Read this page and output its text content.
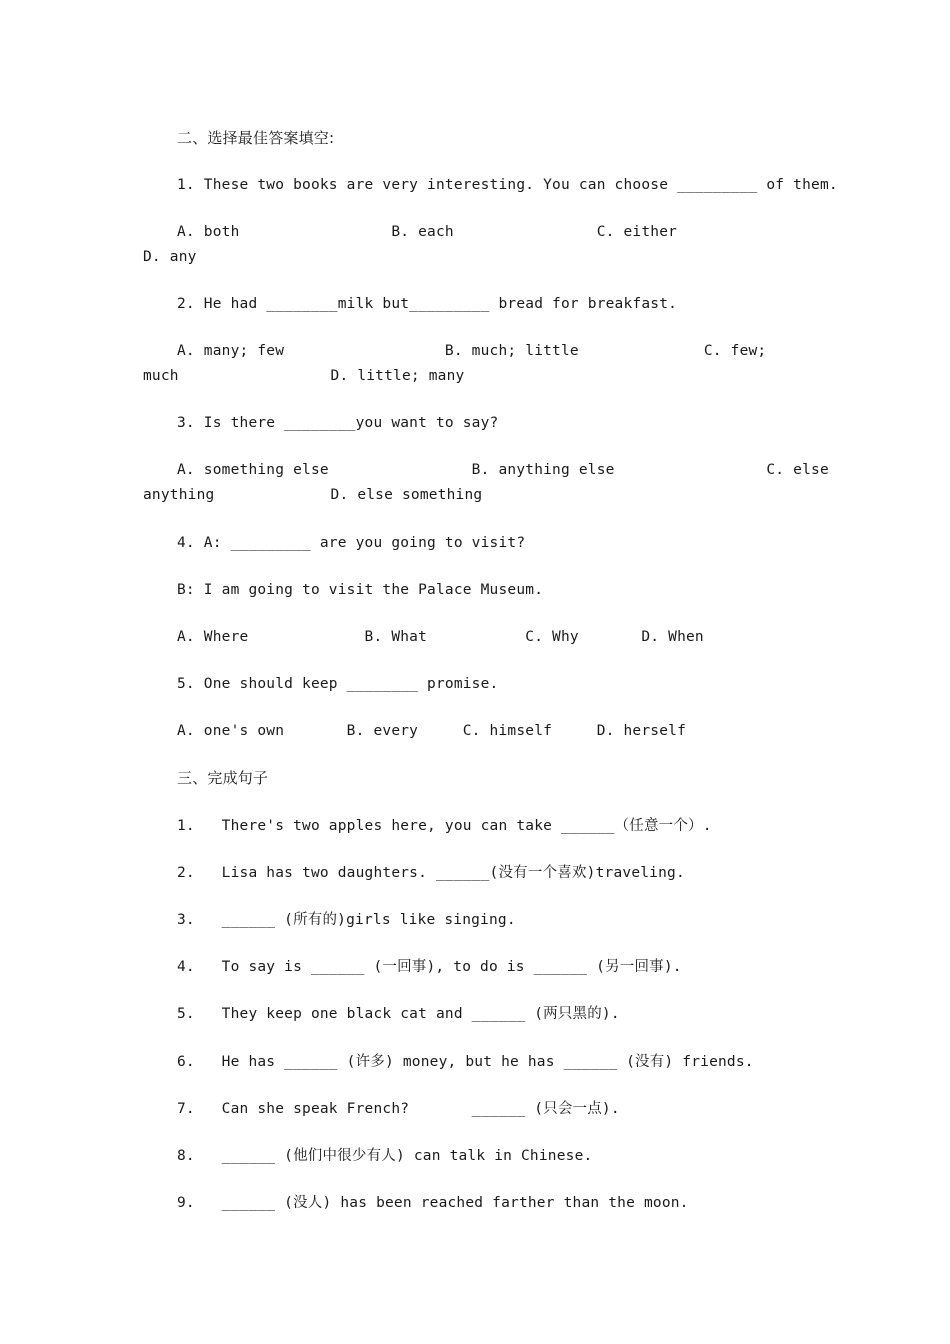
二、选择最佳答案填空:
1. These two books are very interesting. You can choose _________ of them.
A. both                 B. each                C. either
D. any
2. He had ________milk but_________ bread for breakfast.
A. many; few                  B. much; little              C. few;
much                 D. little; many
3. Is there ________you want to say?
A. something else                B. anything else                 C. else
anything             D. else something
4. A: _________ are you going to visit?
B: I am going to visit the Palace Museum.
A. Where             B. What           C. Why       D. When
5. One should keep ________ promise.
A. one's own       B. every     C. himself     D. herself
三、完成句子
1.   There's two apples here, you can take ______（任意一个）.
2.   Lisa has two daughters. ______(没有一个喜欢)traveling.
3.   ______ (所有的)girls like singing.
4.   To say is ______ (一回事), to do is ______ (另一回事).
5.   They keep one black cat and ______ (两只黑的).
6.   He has ______ (许多) money, but he has ______ (没有) friends.
7.   Can she speak French?       ______ (只会一点).
8.   ______ (他们中很少有人) can talk in Chinese.
9.   ______ (没人) has been reached farther than the moon.
